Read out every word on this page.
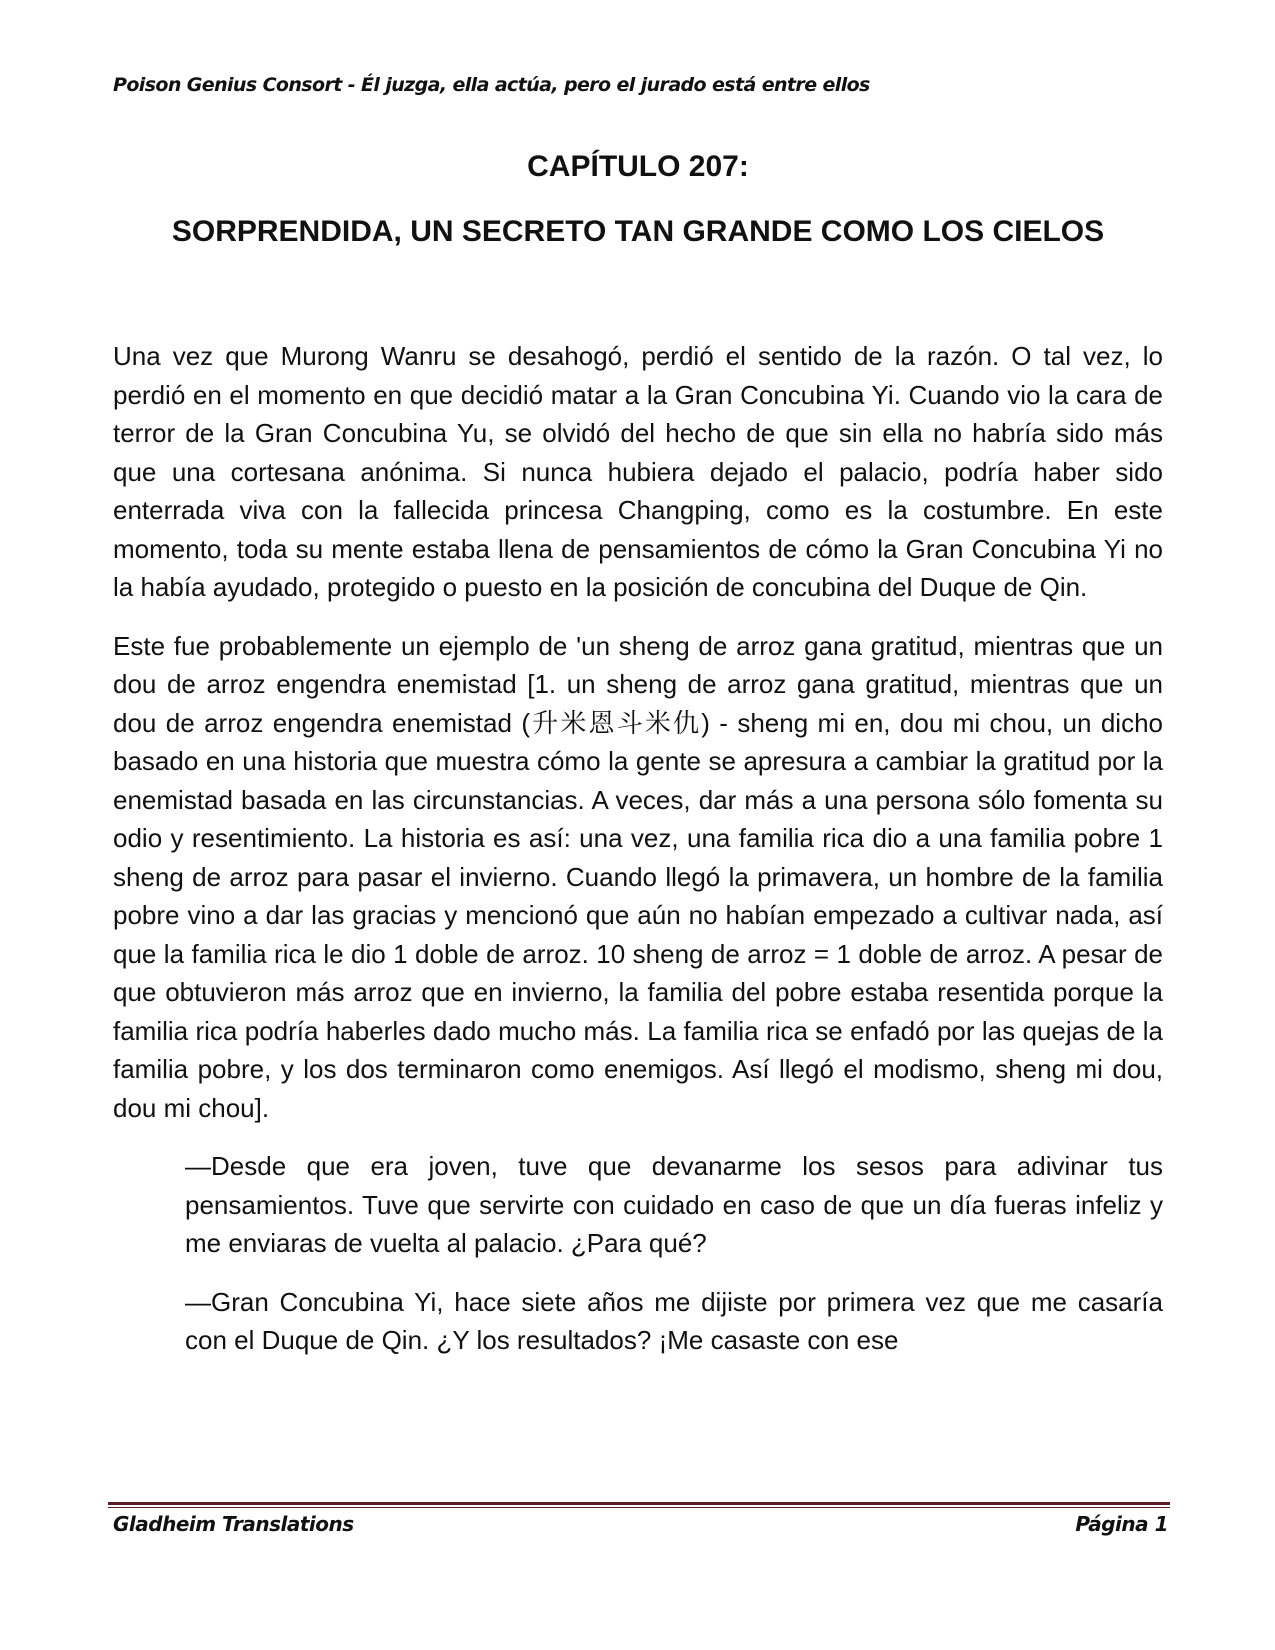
Poison Genius Consort - Él juzga, ella actúa, pero el jurado está entre ellos
CAPÍTULO 207:
SORPRENDIDA, UN SECRETO TAN GRANDE COMO LOS CIELOS

Una vez que Murong Wanru se desahogó, perdió el sentido de la razón. O tal vez, lo perdió en el momento en que decidió matar a la Gran Concubina Yi. Cuando vio la cara de terror de la Gran Concubina Yu, se olvidó del hecho de que sin ella no habría sido más que una cortesana anónima. Si nunca hubiera dejado el palacio, podría haber sido enterrada viva con la fallecida princesa Changping, como es la costumbre. En este momento, toda su mente estaba llena de pensamientos de cómo la Gran Concubina Yi no la había ayudado, protegido o puesto en la posición de concubina del Duque de Qin.

Este fue probablemente un ejemplo de 'un sheng de arroz gana gratitud, mientras que un dou de arroz engendra enemistad [1. un sheng de arroz gana gratitud, mientras que un dou de arroz engendra enemistad (升米恩斗米仇) - sheng mi en, dou mi chou, un dicho basado en una historia que muestra cómo la gente se apresura a cambiar la gratitud por la enemistad basada en las circunstancias. A veces, dar más a una persona sólo fomenta su odio y resentimiento. La historia es así: una vez, una familia rica dio a una familia pobre 1 sheng de arroz para pasar el invierno. Cuando llegó la primavera, un hombre de la familia pobre vino a dar las gracias y mencionó que aún no habían empezado a cultivar nada, así que la familia rica le dio 1 doble de arroz. 10 sheng de arroz = 1 doble de arroz. A pesar de que obtuvieron más arroz que en invierno, la familia del pobre estaba resentida porque la familia rica podría haberles dado mucho más. La familia rica se enfadó por las quejas de la familia pobre, y los dos terminaron como enemigos. Así llegó el modismo, sheng mi dou, dou mi chou].

—Desde que era joven, tuve que devanarme los sesos para adivinar tus pensamientos. Tuve que servirte con cuidado en caso de que un día fueras infeliz y me enviaras de vuelta al palacio. ¿Para qué?

—Gran Concubina Yi, hace siete años me dijiste por primera vez que me casaría con el Duque de Qin. ¿Y los resultados? ¡Me casaste con ese

Gladheim Translations	Página 1
